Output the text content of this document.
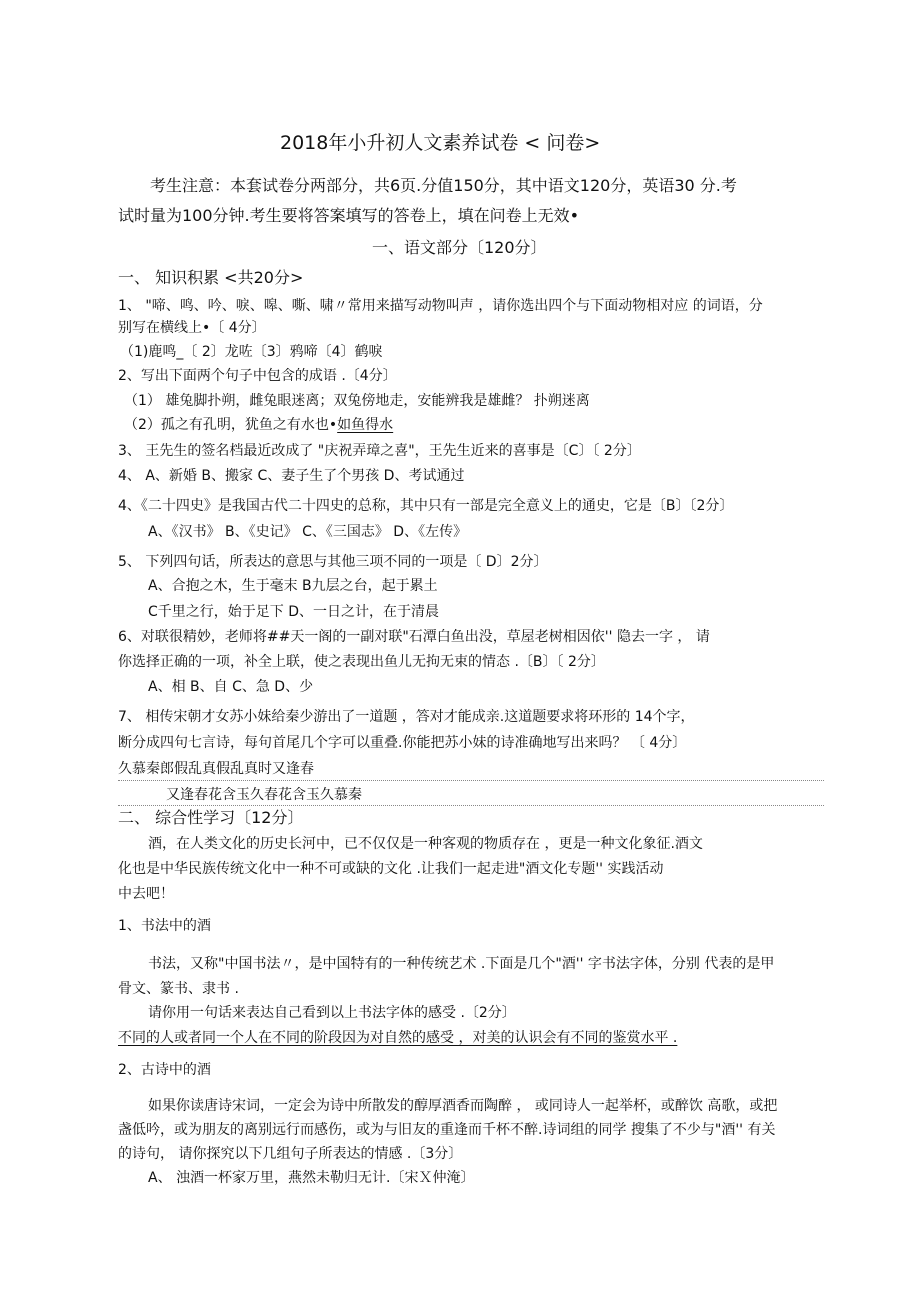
2018年小升初人文素养试卷 < 问卷>
考生注意：本套试卷分两部分，共6页.分值150分，其中语文120分，英语30 分.考
试时量为100分钟.考生要将答案填写的答卷上，填在问卷上无效•
一、语文部分〔120分〕
一、 知识积累 <共20分>
1、 "啼、鸣、吟、唳、嗥、嘶、啸〃常用来描写动物叫声 ，请你选出四个与下面动物相对应 的词语，分
别写在横线上•〔 4分〕
（1)鹿鸣_〔 2〕龙咗〔3〕鸦啼〔4〕鹤唳
2、写出下面两个句子中包含的成语 .〔4分〕
（1） 雄兔脚扑朔，雌兔眼迷离；双兔傍地走，安能辨我是雄雌？ 扑朔迷离
（2）孤之有孔明，犹鱼之有水也•如鱼得水
3、 王先生的签名档最近改成了 "庆祝弄璋之喜"，王先生近来的喜事是〔C〕〔 2分〕
4、 A、新婚 B、搬家 C、妻子生了个男孩 D、考试通过
4、《二十四史》是我国古代二十四史的总称，其中只有一部是完全意义上的通史，它是〔B〕〔2分〕
A、《汉书》 B、《史记》 C、《三国志》 D、《左传》
5、 下列四句话，所表达的意思与其他三项不同的一项是〔 D〕2分〕
A、合抱之木，生于毫末 B九层之台，起于累土
C千里之行，始于足下 D、一日之计，在于清晨
6、对联很精妙，老师将##天一阁的一副对联"石潭白鱼出没，草屋老树相因依'' 隐去一字 ， 请
你选择正确的一项，补全上联，使之表现出鱼儿无拘无束的情态 .〔B〕〔 2分〕
A、相 B、自 C、急 D、少
7、 相传宋朝才女苏小妹给秦少游出了一道题 ，答对才能成亲.这道题要求将环形的 14个字，
断分成四句七言诗，每句首尾几个字可以重叠.你能把苏小妹的诗准确地写出来吗？ 〔 4分〕
久慕秦郎假乱真假乱真时又逢春
又逢春花含玉久春花含玉久慕秦
二、 综合性学习〔12分〕
酒，在人类文化的历史长河中，已不仅仅是一种客观的物质存在 ，更是一种文化象征.酒文
化也是中华民族传统文化中一种不可或缺的文化 .让我们一起走进"酒文化专题'' 实践活动
中去吧！
1、书法中的酒
书法，又称"中国书法〃，是中国特有的一种传统艺术 .下面是几个"酒'' 字书法字体，分别 代表的是甲
骨文、篆书、隶书 .
请你用一句话来表达自己看到以上书法字体的感受 .〔2分〕
不同的人或者同一个人在不同的阶段因为对自然的感受 ，对美的认识会有不同的鉴赏水平 .
2、古诗中的酒
如果你读唐诗宋词，一定会为诗中所散发的醇厚酒香而陶醉 ， 或同诗人一起举杯，或醉饮 高歌，或把
盏低吟，或为朋友的离别远行而感伤，或为与旧友的重逢而千杯不醉.诗词组的同学 搜集了不少与"酒'' 有关
的诗句， 请你探究以下几组句子所表达的情感 .〔3分〕
A、 浊酒一杯家万里，燕然未勒归无计.〔宋Ｘ仲淹〕
